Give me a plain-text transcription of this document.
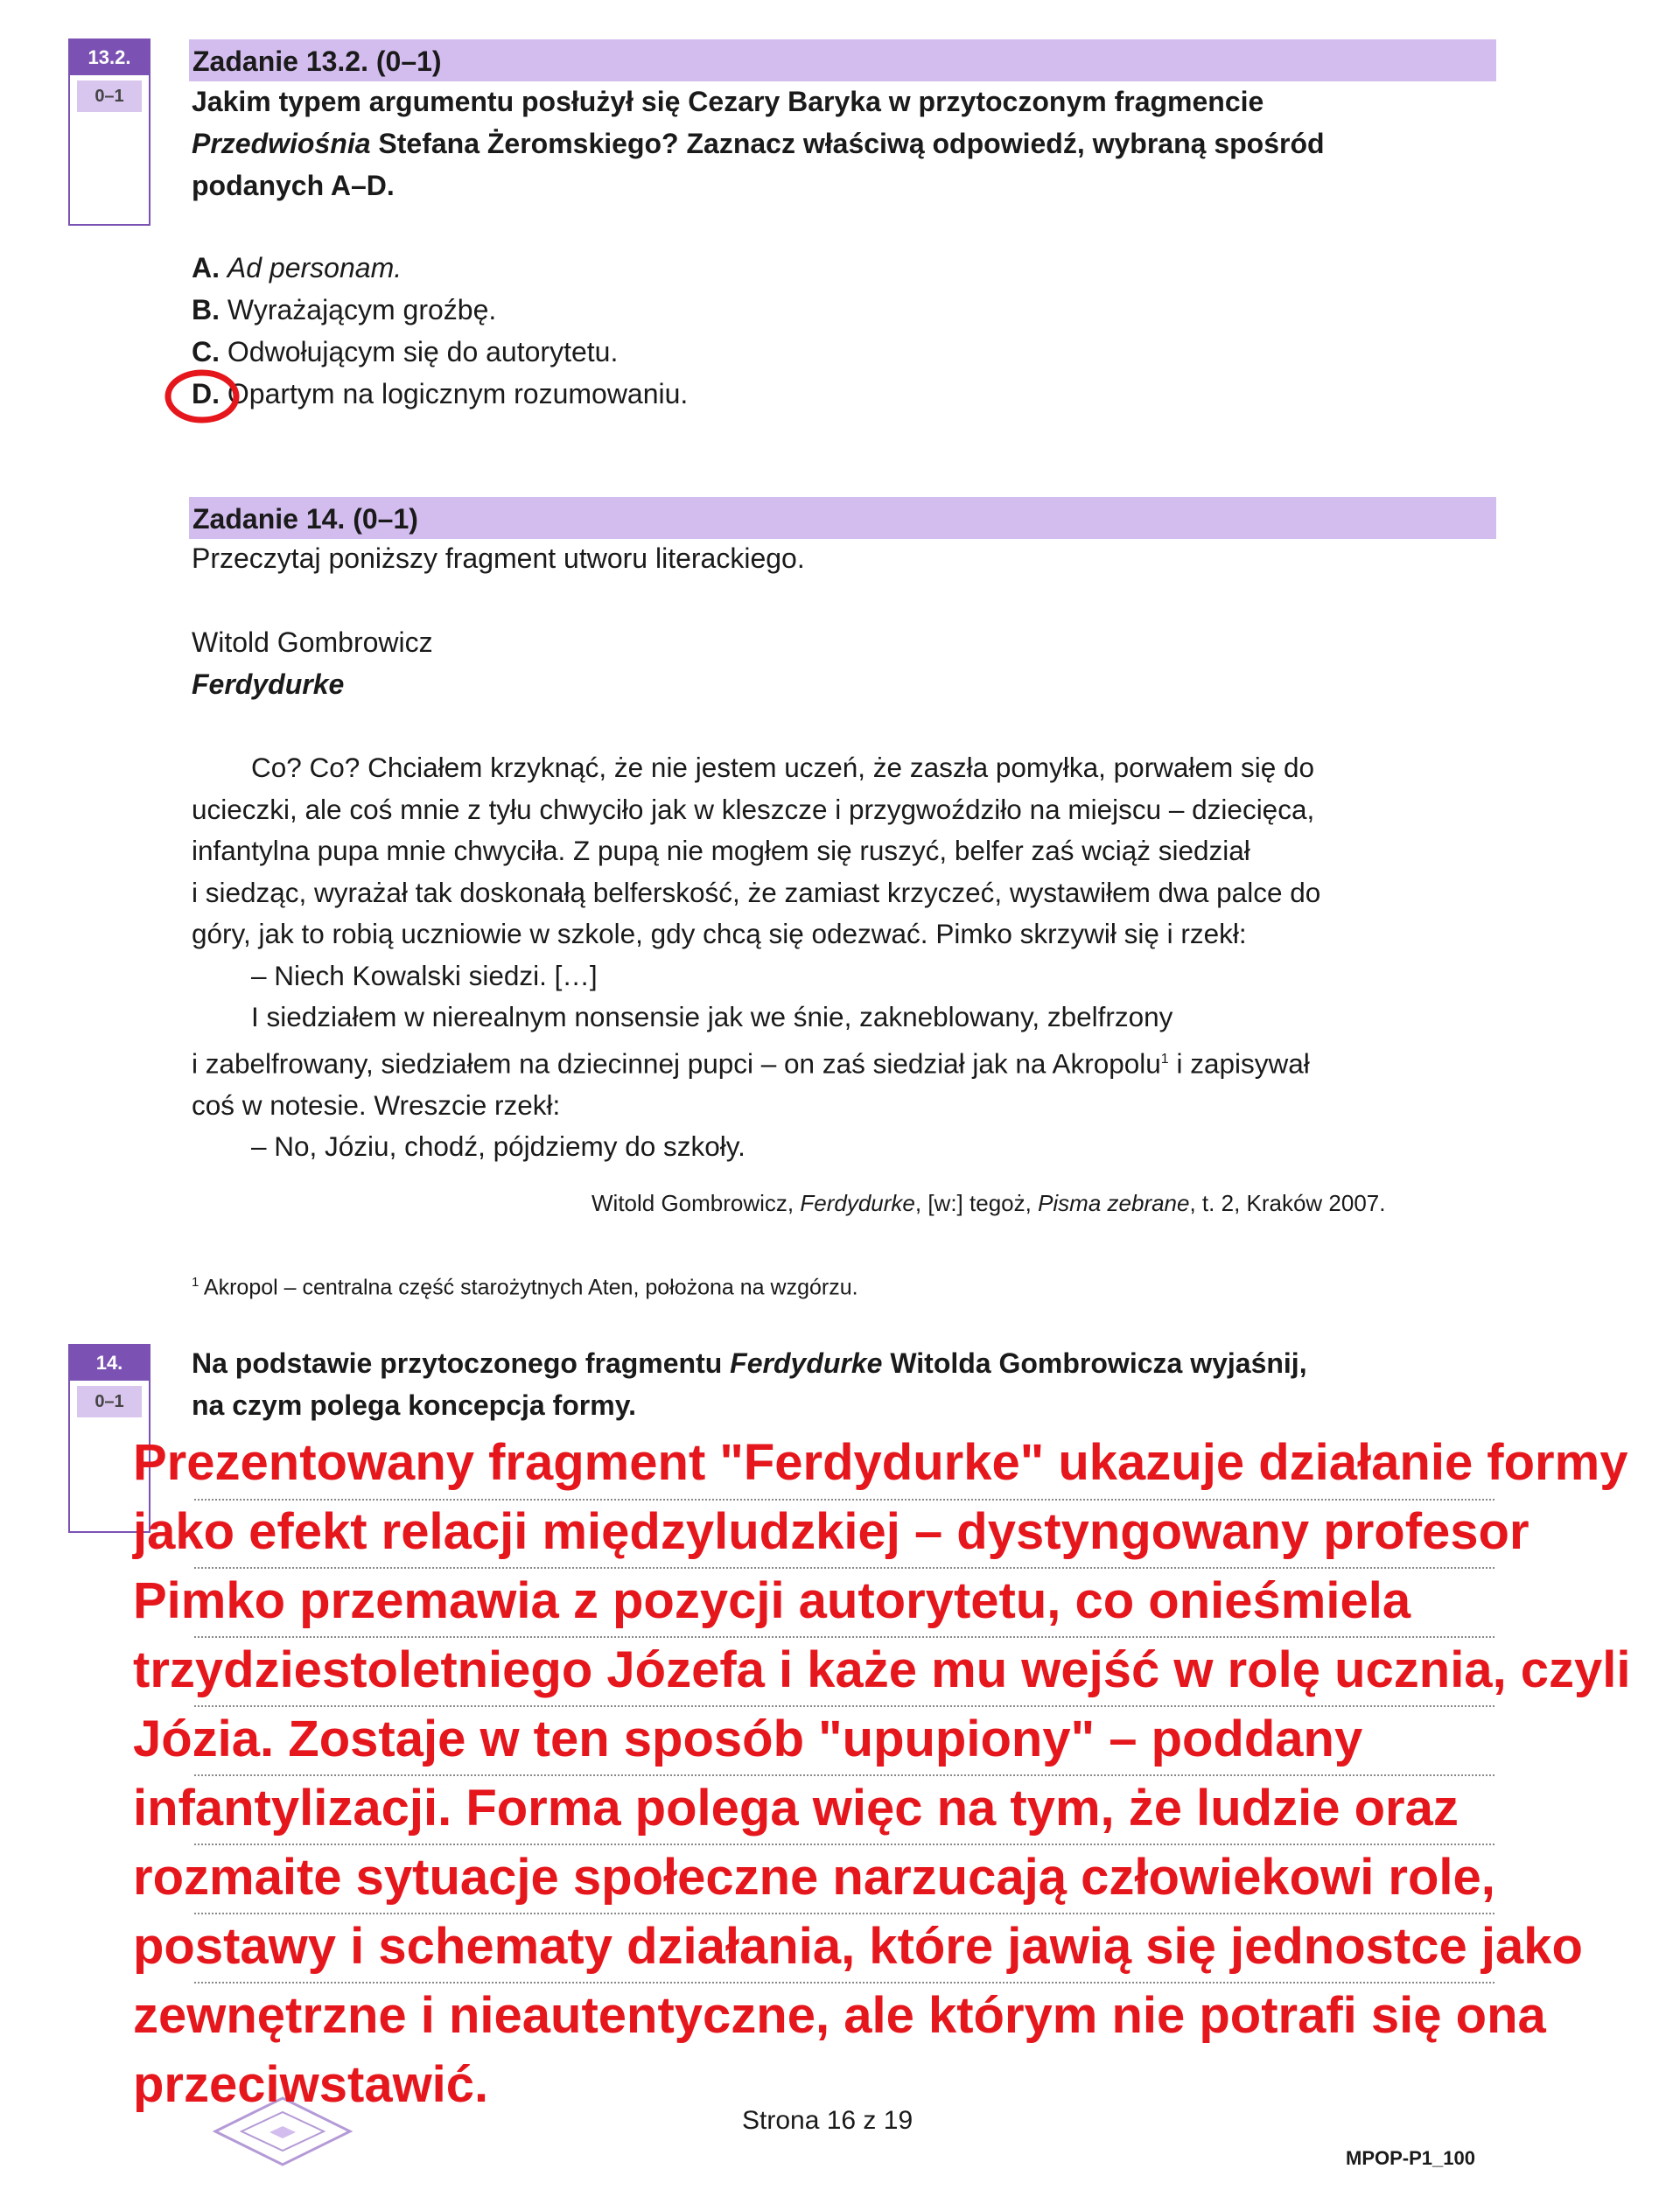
13.2.
0–1
Zadanie 13.2. (0–1)
Jakim typem argumentu posłużył się Cezary Baryka w przytoczonym fragmencie
Przedwiośnia Stefana Żeromskiego? Zaznacz właściwą odpowiedź, wybraną spośród
podanych A–D.
A. Ad personam.
B. Wyrażającym groźbę.
C. Odwołującym się do autorytetu.
D. Opartym na logicznym rozumowaniu.
Zadanie 14. (0–1)
Przeczytaj poniższy fragment utworu literackiego.
Witold Gombrowicz
Ferdydurke

Co? Co? Chciałem krzyknąć, że nie jestem uczeń, że zaszła pomyłka, porwałem się do

ucieczki, ale coś mnie z tyłu chwyciło jak w kleszcze i przygwoździło na miejscu – dziecięca,

infantylna pupa mnie chwyciła. Z pupą nie mogłem się ruszyć, belfer zaś wciąż siedział

i siedząc, wyrażał tak doskonałą belferskość, że zamiast krzyczeć, wystawiłem dwa palce do

góry, jak to robią uczniowie w szkole, gdy chcą się odezwać. Pimko skrzywił się i rzekł:

– Niech Kowalski siedzi. […]

I siedziałem w nierealnym nonsensie jak we śnie, zakneblowany, zbelfrzony

i zabelfrowany, siedziałem na dziecinnej pupci – on zaś siedział jak na Akropolu$^1$ i zapisywał

coś w notesie. Wreszcie rzekł:

– No, Józiu, chodź, pójdziemy do szkoły.

Witold Gombrowicz, Ferdydurke, [w:] tegoż, Pisma zebrane, t. 2, Kraków 2007.
$^1$ Akropol – centralna część starożytnych Aten, położona na wzgórzu.
14.
0–1
Na podstawie przytoczonego fragmentu Ferdydurke Witolda Gombrowicza wyjaśnij,
na czym polega koncepcja formy.
Strona 16 z 19
MPOP-P1_100
Prezentowany fragment "Ferdydurke" ukazuje działanie formy jako efekt relacji międzyludzkiej – dystyngowany profesor Pimko przemawia z pozycji autorytetu, co onieśmiela trzydziestoletniego Józefa i każe mu wejść w rolę ucznia, czyli Józia. Zostaje w ten sposób "upupiony" – poddany infantylizacji. Forma polega więc na tym, że ludzie oraz rozmaite sytuacje społeczne narzucają człowiekowi role, postawy i schematy działania, które jawią się jednostce jako zewnętrzne i nieautentyczne, ale którym nie potrafi się ona przeciwstawić.
